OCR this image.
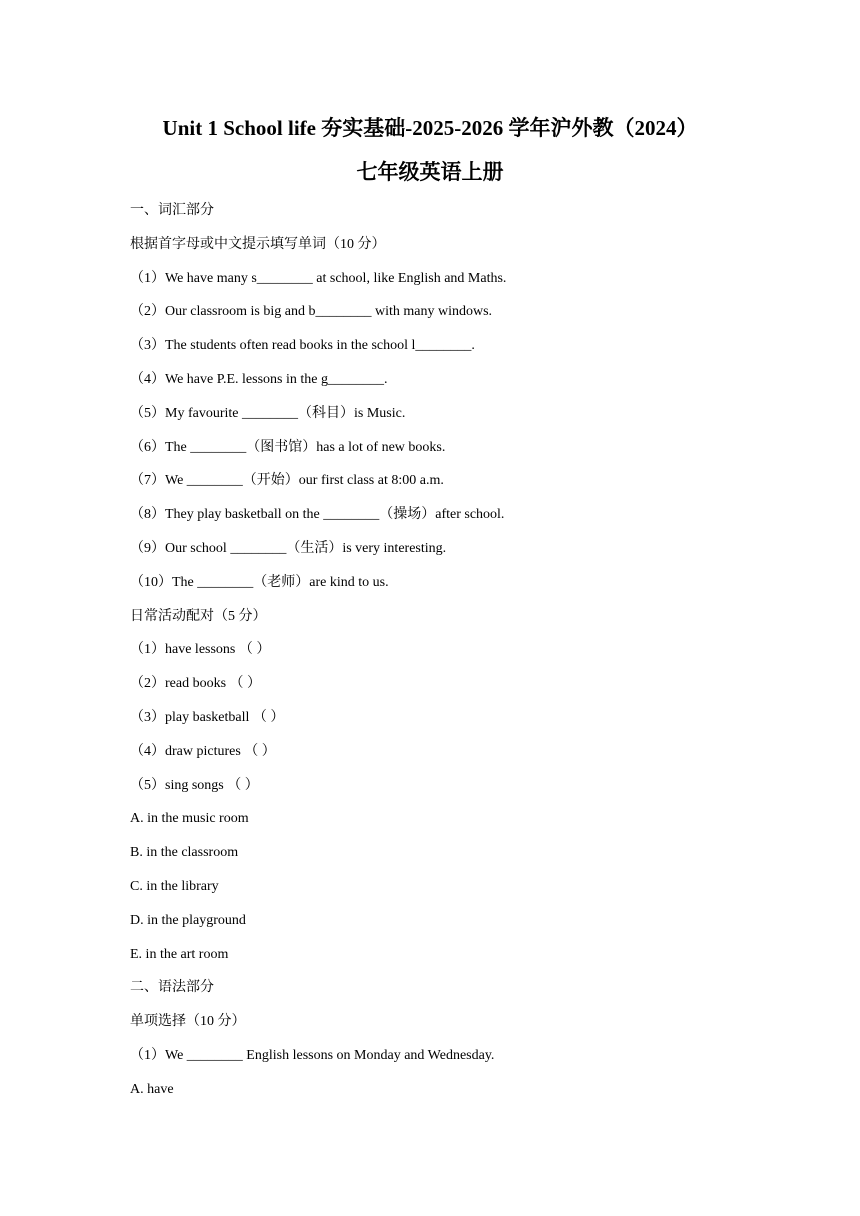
Unit 1 School life 夯实基础-2025-2026 学年沪外教（2024）
七年级英语上册
一、词汇部分
根据首字母或中文提示填写单词（10 分）
（1）We have many s________ at school, like English and Maths.
（2）Our classroom is big and b________ with many windows.
（3）The students often read books in the school l________.
（4）We have P.E. lessons in the g________.
（5）My favourite ________（科目）is Music.
（6）The ________（图书馆）has a lot of new books.
（7）We ________（开始）our first class at 8:00 a.m.
（8）They play basketball on the ________（操场）after school.
（9）Our school ________（生活）is very interesting.
（10）The ________（老师）are kind to us.
日常活动配对（5 分）
（1）have lessons （ ）
（2）read books （ ）
（3）play basketball （ ）
（4）draw pictures （ ）
（5）sing songs （ ）
A. in the music room
B. in the classroom
C. in the library
D. in the playground
E. in the art room
二、语法部分
单项选择（10 分）
（1）We ________ English lessons on Monday and Wednesday.
A. have
